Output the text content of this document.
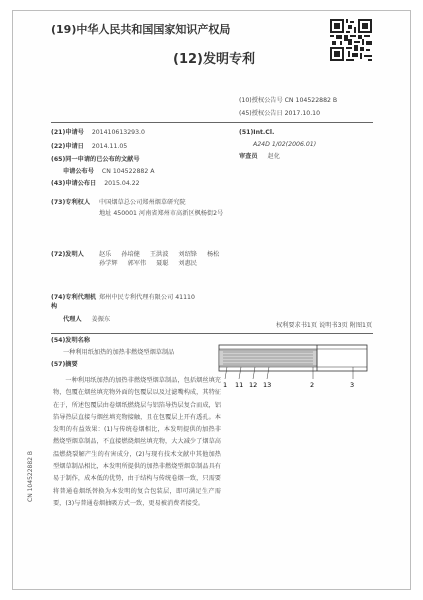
(19)中华人民共和国国家知识产权局
(12)发明专利
(10)授权公告号 CN 104522882 B
(45)授权公告日 2017.10.10
(21)申请号 201410613293.0
(22)申请日 2014.11.05
(65)同一申请的已公布的文献号
申请公布号 CN 104522882 A
(43)申请公布日 2015.04.22
(73)专利权人	中国烟草总公司郑州烟草研究院
地址 450001 河南省郑州市高新区枫杨街2号
(72)发明人	赵乐 孙培健 王洪波 刘绍锋 杨松 孙学辉 郭军伟 聂聪 刘惠民
(74)专利代理机构
郑州中民专利代理有限公司 41110
代理人 姜振东
(51)Int.Cl.
A24D 1/02(2006.01)
审查员 赵化
权利要求书1页 说明书3页 附图1页
(54)发明名称
一种利用纸加热的加热非燃烧型烟草制品
(57)摘要
一种利用纸加热的加热非燃烧型烟草制品，包括烟丝填充物，包覆在烟丝填充物外面的包覆层以及过滤嘴构成，其特征在于，所述包覆层由卷烟纸燃烧层与铝箔导热层复合而成，铝箔导热层直接与烟丝填充物接触，且在包覆层上开有透孔。本发明的有益效果：(1)与传统卷烟相比，本发明提供的加热非燃烧型烟草制品，不直接燃烧烟丝填充物，大大减少了烟草高温燃烧裂解产生的有害成分，(2)与现有技术文献中其他加热型烟草制品相比，本发明所提供的加热非燃烧型烟草制品具有易于制作，成本低的优势，由于结构与传统卷烟一致，只需要将普通卷烟纸替换为本发明的复合包装层，即可满足生产需要，(3)与普通卷烟抽吸方式一致，更易被消费者接受。
1 11 12 13	2	3
CN 104522882 B
